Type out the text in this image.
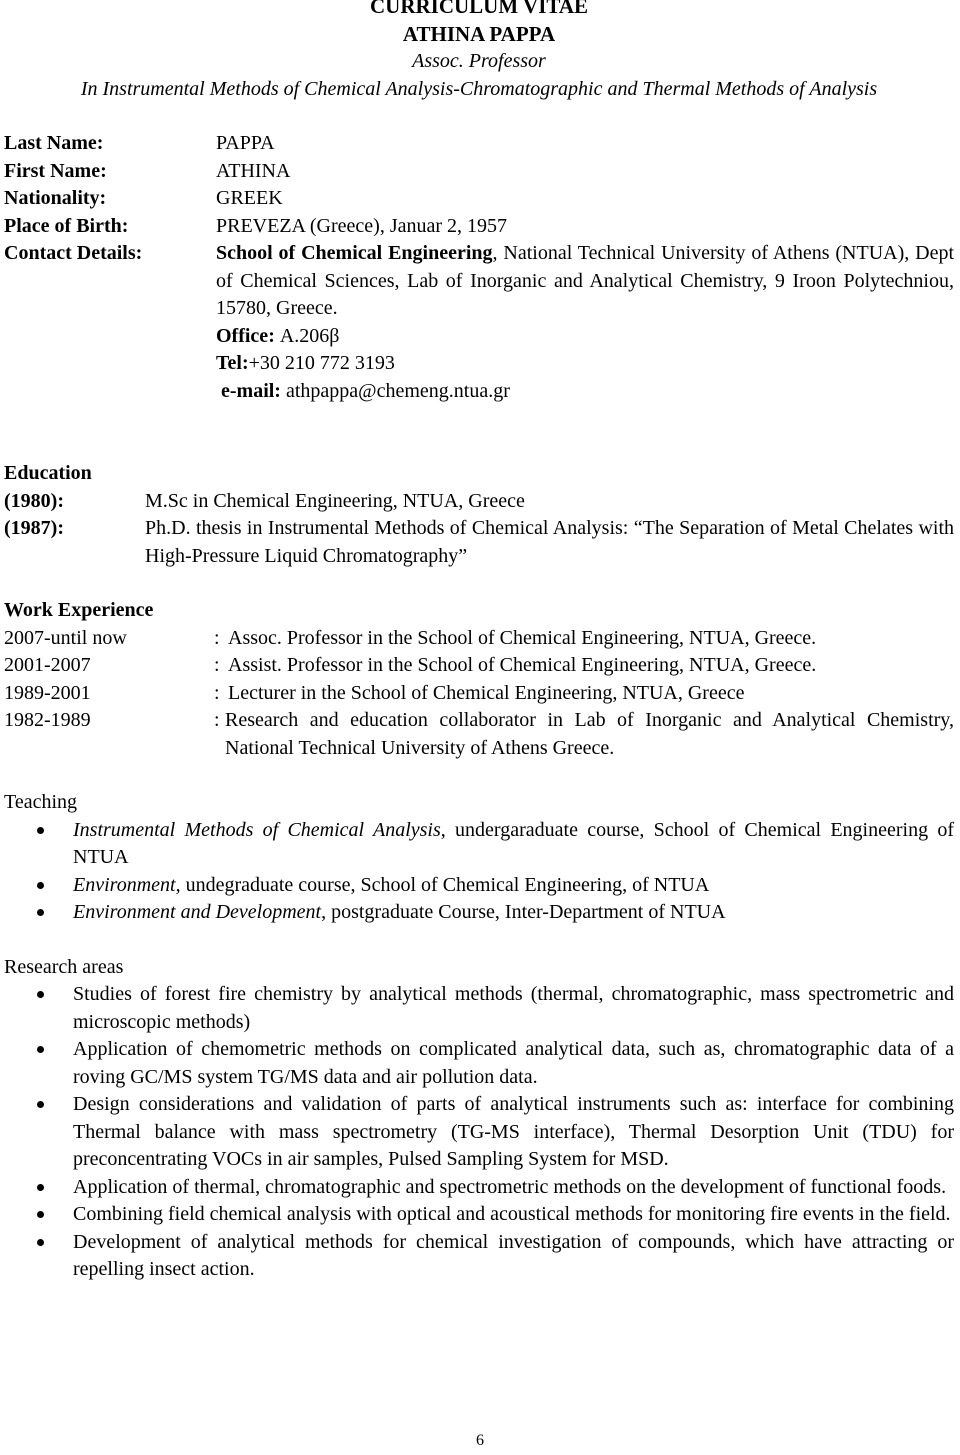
CURRICULUM VITAE
ATHINA PAPPA
Assoc. Professor
In Instrumental Methods of Chemical Analysis-Chromatographic and Thermal Methods of Analysis
Last Name:	PAPPA
First Name:	ATHINA
Nationality:	GREEK
Place of Birth:	PREVEZA (Greece), Januar 2, 1957
Contact Details:	School of Chemical Engineering, National Technical University of Athens (NTUA), Dept of Chemical Sciences, Lab of Inorganic and Analytical Chemistry, 9 Iroon Polytechniou, 15780, Greece.
Office: A.206β
Tel:+30 210 772 3193
e-mail: athpappa@chemeng.ntua.gr
Education
(1980):	M.Sc in Chemical Engineering, NTUA, Greece
(1987):	Ph.D. thesis in Instrumental Methods of Chemical Analysis: “The Separation of Metal Chelates with High-Pressure Liquid Chromatography”
Work Experience
2007-until now	: Assoc. Professor in the School of Chemical Engineering, NTUA, Greece.
2001-2007	: Assist. Professor in the School of Chemical Engineering, NTUA, Greece.
1989-2001	: Lecturer in the School of Chemical Engineering, NTUA, Greece
1982-1989	: Research and education collaborator in Lab of Inorganic and Analytical Chemistry, National Technical University of Athens Greece.
Teaching
Instrumental Methods of Chemical Analysis, undergaraduate course, School of Chemical Engineering of NTUA
Environment, undegraduate course, School of Chemical Engineering, of NTUA
Environment and Development, postgraduate Course, Inter-Department of NTUA
Research areas
Studies of forest fire chemistry by analytical methods (thermal, chromatographic, mass spectrometric and microscopic methods)
Application of chemometric methods on complicated analytical data, such as, chromatographic data of a roving GC/MS system TG/MS data and air pollution data.
Design considerations and validation of parts of analytical instruments such as: interface for combining Thermal balance with mass spectrometry (TG-MS interface), Thermal Desorption Unit (TDU) for preconcentrating VOCs in air samples, Pulsed Sampling System for MSD.
Application of thermal, chromatographic and spectrometric methods on the development of functional foods.
Combining field chemical analysis with optical and acoustical methods for monitoring fire events in the field.
Development of analytical methods for chemical investigation of compounds, which have attracting or repelling insect action.
6
